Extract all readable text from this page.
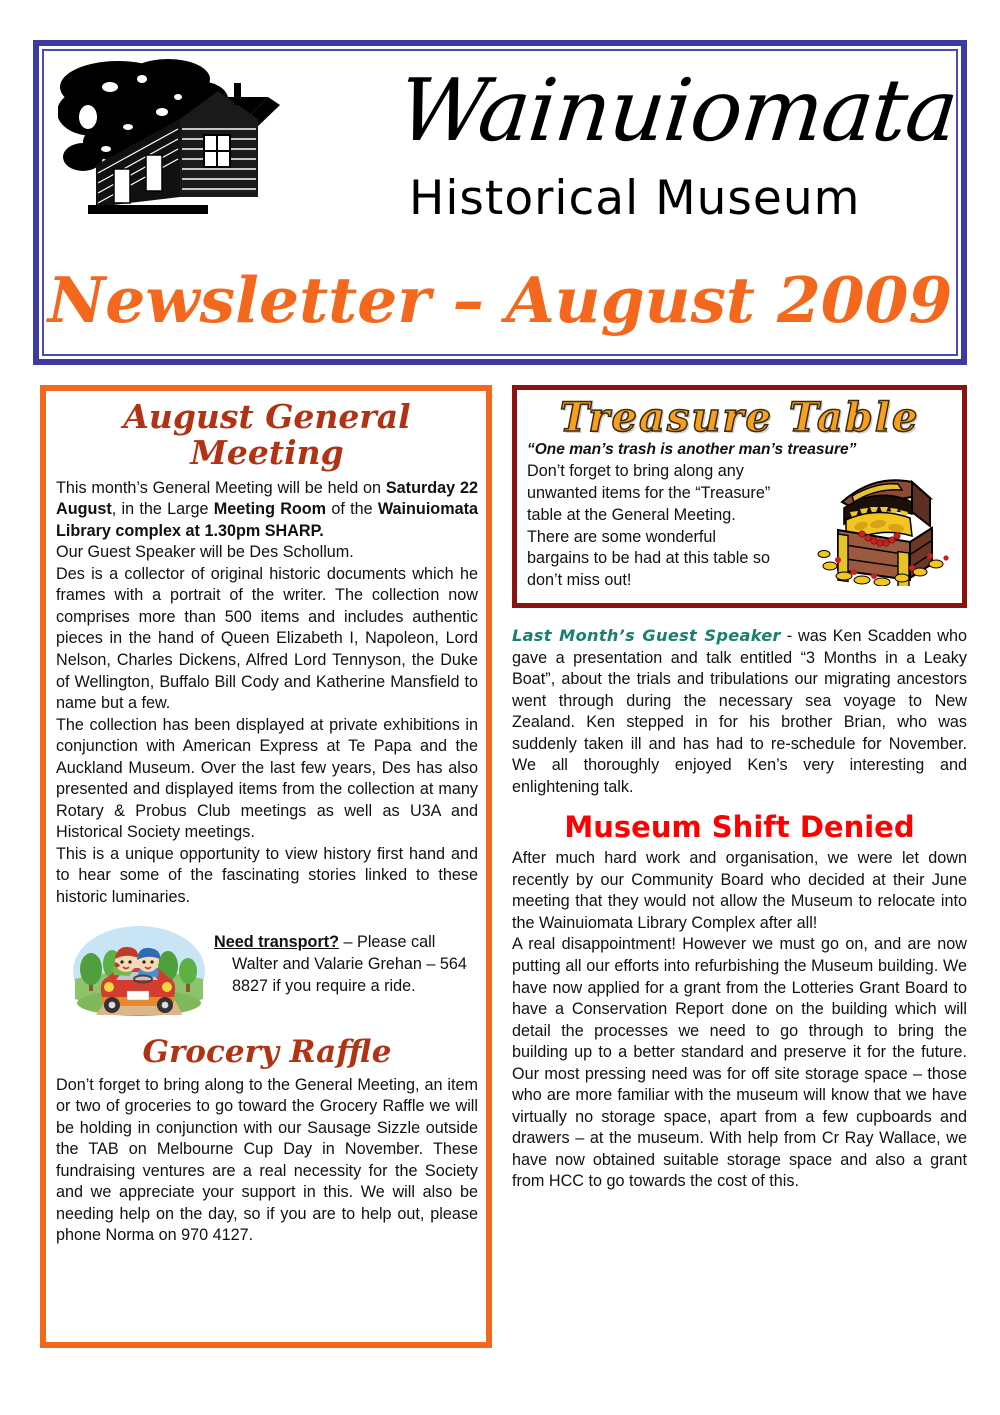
Wainuiomata
Historical Museum
Newsletter – August 2009
August General Meeting

This month’s General Meeting will be held on Saturday 22 August, in the Large Meeting Room of the Wainuiomata Library complex at 1.30pm SHARP.

Our Guest Speaker will be Des Schollum.

Des is a collector of original historic documents which he frames with a portrait of the writer. The collection now comprises more than 500 items and includes authentic pieces in the hand of Queen Elizabeth I, Napoleon, Lord Nelson, Charles Dickens, Alfred Lord Tennyson, the Duke of Wellington, Buffalo Bill Cody and Katherine Mansfield to name but a few.

The collection has been displayed at private exhibitions in conjunction with American Express at Te Papa and the Auckland Museum. Over the last few years, Des has also presented and displayed items from the collection at many Rotary & Probus Club meetings as well as U3A and Historical Society meetings.

This is a unique opportunity to view history first hand and to hear some of the fascinating stories linked to these historic luminaries.

Need transport? – Please call

Walter and Valarie Grehan – 564
8827 if you require a ride.
Grocery Raffle

Don’t forget to bring along to the General Meeting, an item or two of groceries to go toward the Grocery Raffle we will be holding in conjunction with our Sausage Sizzle outside the TAB on Melbourne Cup Day in November. These fundraising ventures are a real necessity for the Society and we appreciate your support in this. We will also be needing help on the day, so if you are to help out, please phone Norma on 970 4127.

Treasure Table
“One man’s trash is another man’s treasure”
Don’t forget to bring along any unwanted items for the “Treasure” table at the General Meeting. There are some wonderful bargains to be had at this table so don’t miss out!

Last Month’s Guest Speaker - was Ken Scadden who gave a presentation and talk entitled “3 Months in a Leaky Boat”, about the trials and tribulations our migrating ancestors went through during the necessary sea voyage to New Zealand. Ken stepped in for his brother Brian, who was suddenly taken ill and has had to re-schedule for November. We all thoroughly enjoyed Ken’s very interesting and enlightening talk.

Museum Shift Denied

After much hard work and organisation, we were let down recently by our Community Board who decided at their June meeting that they would not allow the Museum to relocate into the Wainuiomata Library Complex after all!

A real disappointment! However we must go on, and are now putting all our efforts into refurbishing the Museum building. We have now applied for a grant from the Lotteries Grant Board to have a Conservation Report done on the building which will detail the processes we need to go through to bring the building up to a better standard and preserve it for the future. Our most pressing need was for off site storage space – those who are more familiar with the museum will know that we have virtually no storage space, apart from a few cupboards and drawers – at the museum. With help from Cr Ray Wallace, we have now obtained suitable storage space and also a grant from HCC to go towards the cost of this.
